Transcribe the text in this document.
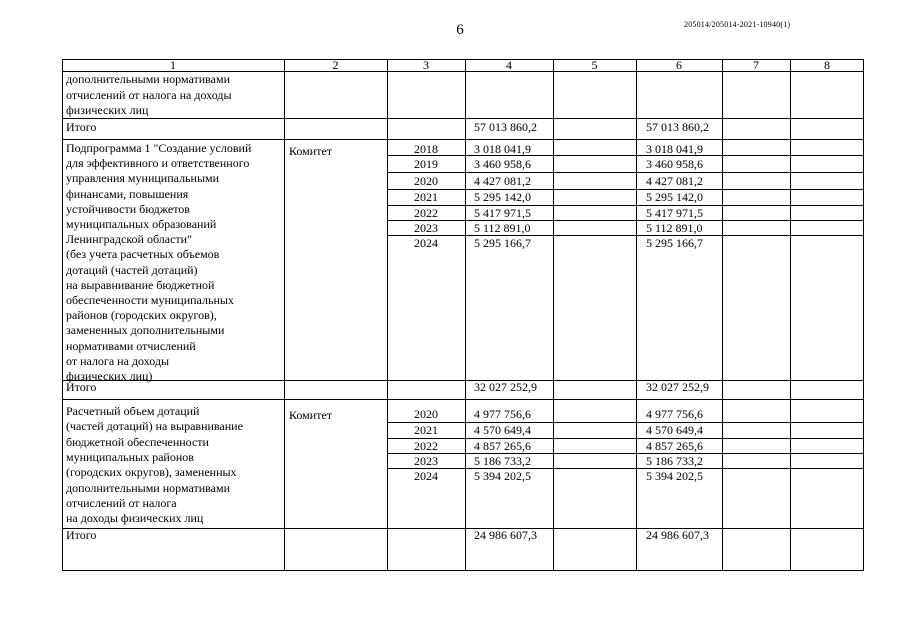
6	205014/205014-2021-10940(1)
1	2	3	4	5	6	7	8
дополнительными нормативами
отчислений от налога на доходы
физических лиц
Итого	57 013 860,2	57 013 860,2
Подпрограмма 1 "Создание условий
для эффективного и ответственного
управления муниципальными
финансами, повышения
устойчивости бюджетов
муниципальных образований
Ленинградской области"
(без учета расчетных объемов
дотаций (частей дотаций)
на выравнивание бюджетной
обеспеченности муниципальных
районов (городских округов),
замененных дополнительными
нормативами отчислений
от налога на доходы
физических лиц)
Комитет	2018	3 018 041,9	3 018 041,9
2019	3 460 958,6	3 460 958,6
2020	4 427 081,2	4 427 081,2
2021	5 295 142,0	5 295 142,0
2022	5 417 971,5	5 417 971,5
2023	5 112 891,0	5 112 891,0
2024	5 295 166,7	5 295 166,7
Итого	32 027 252,9	32 027 252,9
Расчетный объем дотаций
(частей дотаций) на выравнивание
бюджетной обеспеченности
муниципальных районов
(городских округов), замененных
дополнительными нормативами
отчислений от налога
на доходы физических лиц
Комитет	2020	4 977 756,6	4 977 756,6
2021	4 570 649,4	4 570 649,4
2022	4 857 265,6	4 857 265,6
2023	5 186 733,2	5 186 733,2
2024	5 394 202,5	5 394 202,5
Итого	24 986 607,3	24 986 607,3
